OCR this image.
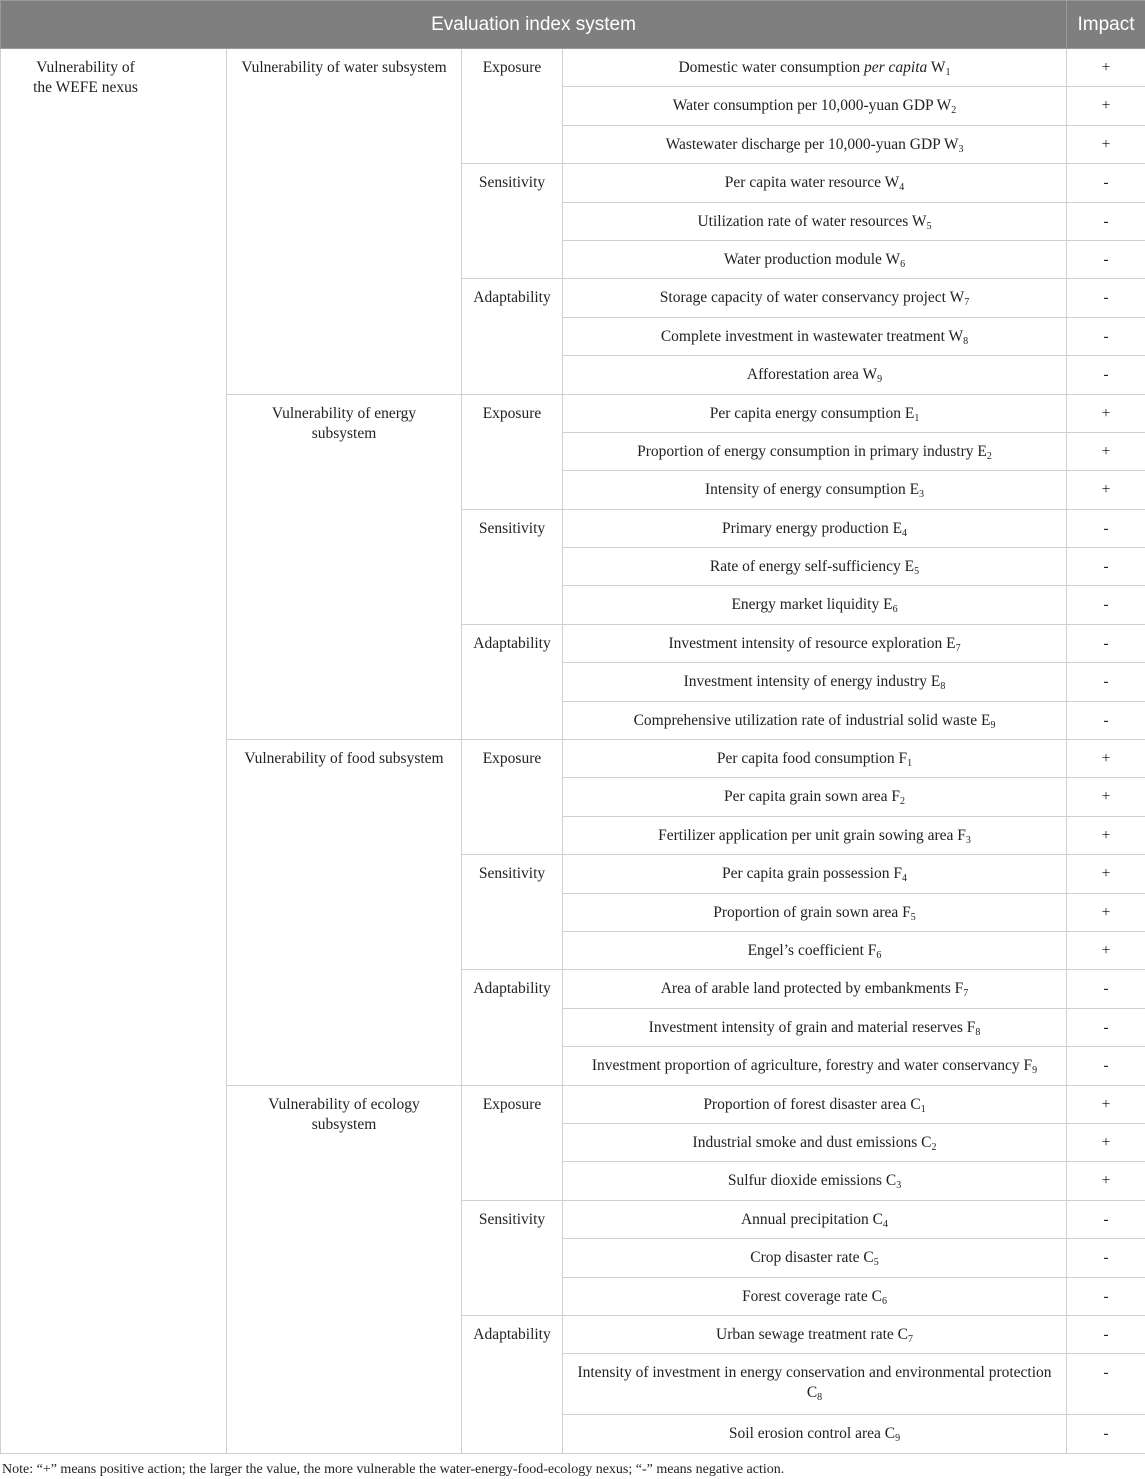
Evaluation index system				Impact
Vulnerability of the WEFE nexus	Vulnerability of water subsystem	Exposure	Domestic water consumption per capita $W_1$	+
			Water consumption per 10,000-yuan GDP $W_2$	+
			Wastewater discharge per 10,000-yuan GDP $W_3$	+
		Sensitivity	Per capita water resource $W_4$	-
			Utilization rate of water resources $W_5$	-
			Water production module $W_6$	-
		Adaptability	Storage capacity of water conservancy project $W_7$	-
			Complete investment in wastewater treatment $W_8$	-
			Afforestation area $W_9$	-
	Vulnerability of energy subsystem	Exposure	Per capita energy consumption $E_1$	+
			Proportion of energy consumption in primary industry $E_2$	+
			Intensity of energy consumption $E_3$	+
		Sensitivity	Primary energy production $E_4$	-
			Rate of energy self-sufficiency $E_5$	-
			Energy market liquidity $E_6$	-
		Adaptability	Investment intensity of resource exploration $E_7$	-
			Investment intensity of energy industry $E_8$	-
			Comprehensive utilization rate of industrial solid waste $E_9$	-
	Vulnerability of food subsystem	Exposure	Per capita food consumption $F_1$	+
			Per capita grain sown area $F_2$	+
			Fertilizer application per unit grain sowing area $F_3$	+
		Sensitivity	Per capita grain possession $F_4$	+
			Proportion of grain sown area $F_5$	+
			Engel’s coefficient $F_6$	+
		Adaptability	Area of arable land protected by embankments $F_7$	-
			Investment intensity of grain and material reserves $F_8$	-
			Investment proportion of agriculture, forestry and water conservancy $F_9$	-
	Vulnerability of ecology subsystem	Exposure	Proportion of forest disaster area $C_1$	+
			Industrial smoke and dust emissions $C_2$	+
			Sulfur dioxide emissions $C_3$	+
		Sensitivity	Annual precipitation $C_4$	-
			Crop disaster rate $C_5$	-
			Forest coverage rate $C_6$	-
		Adaptability	Urban sewage treatment rate $C_7$	-
			Intensity of investment in energy conservation and environmental protection $C_8$	-
			Soil erosion control area $C_9$	-
Note: “+” means positive action; the larger the value, the more vulnerable the water-energy-food-ecology nexus; “-” means negative action.
